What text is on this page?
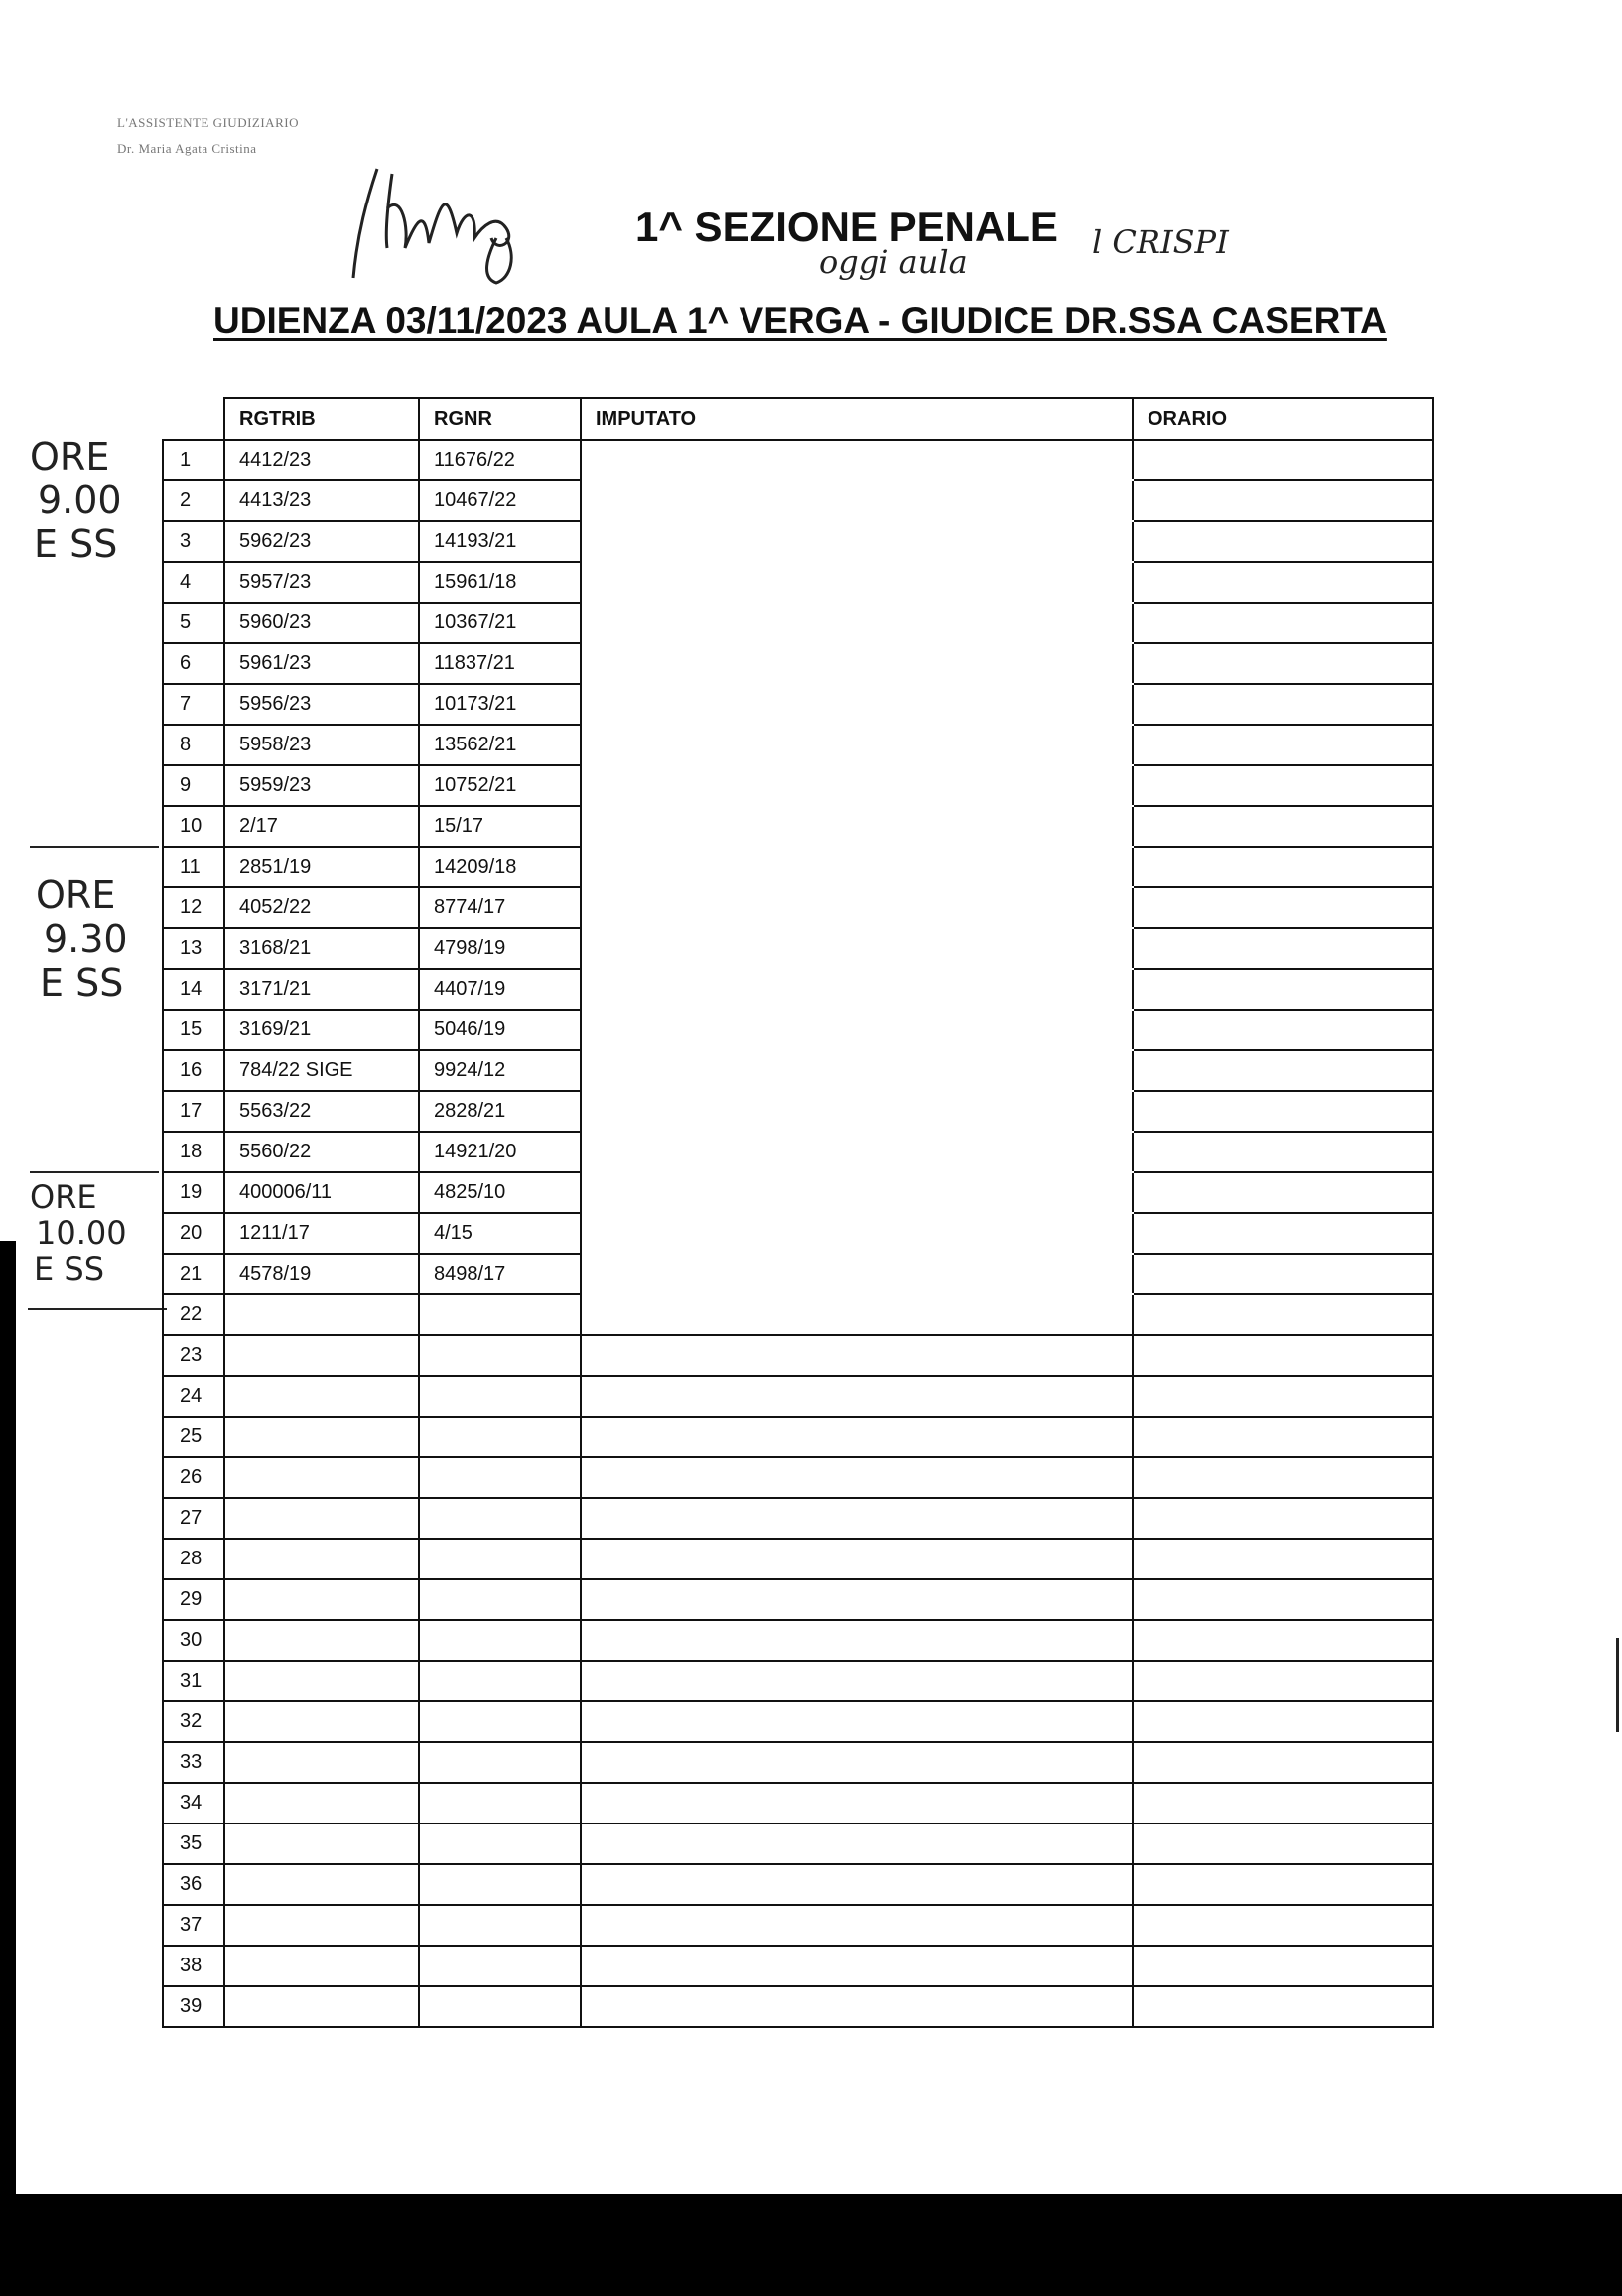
L'ASSISTENTE GIUDIZIARIO
Dr. Maria Agata Cristina
1^ SEZIONE PENALE
oggi aula
l CRISPI
UDIENZA 03/11/2023 AULA 1^ VERGA - GIUDICE DR.SSA CASERTA
ORE
9.00
E SS
ORE
9.30
E SS
ORE
10.00
E SS
	RGTRIB	RGNR	IMPUTATO	ORARIO
1	4412/23	11676/22		
2	4413/23	10467/22		
3	5962/23	14193/21		
4	5957/23	15961/18		
5	5960/23	10367/21		
6	5961/23	11837/21		
7	5956/23	10173/21		
8	5958/23	13562/21		
9	5959/23	10752/21		
10	2/17	15/17		
11	2851/19	14209/18		
12	4052/22	8774/17		
13	3168/21	4798/19		
14	3171/21	4407/19		
15	3169/21	5046/19		
16	784/22 SIGE	9924/12		
17	5563/22	2828/21		
18	5560/22	14921/20		
19	400006/11	4825/10		
20	1211/17	4/15		
21	4578/19	8498/17		
22				
23				
24				
25				
26				
27				
28				
29				
30				
31				
32				
33				
34				
35				
36				
37				
38				
39				
